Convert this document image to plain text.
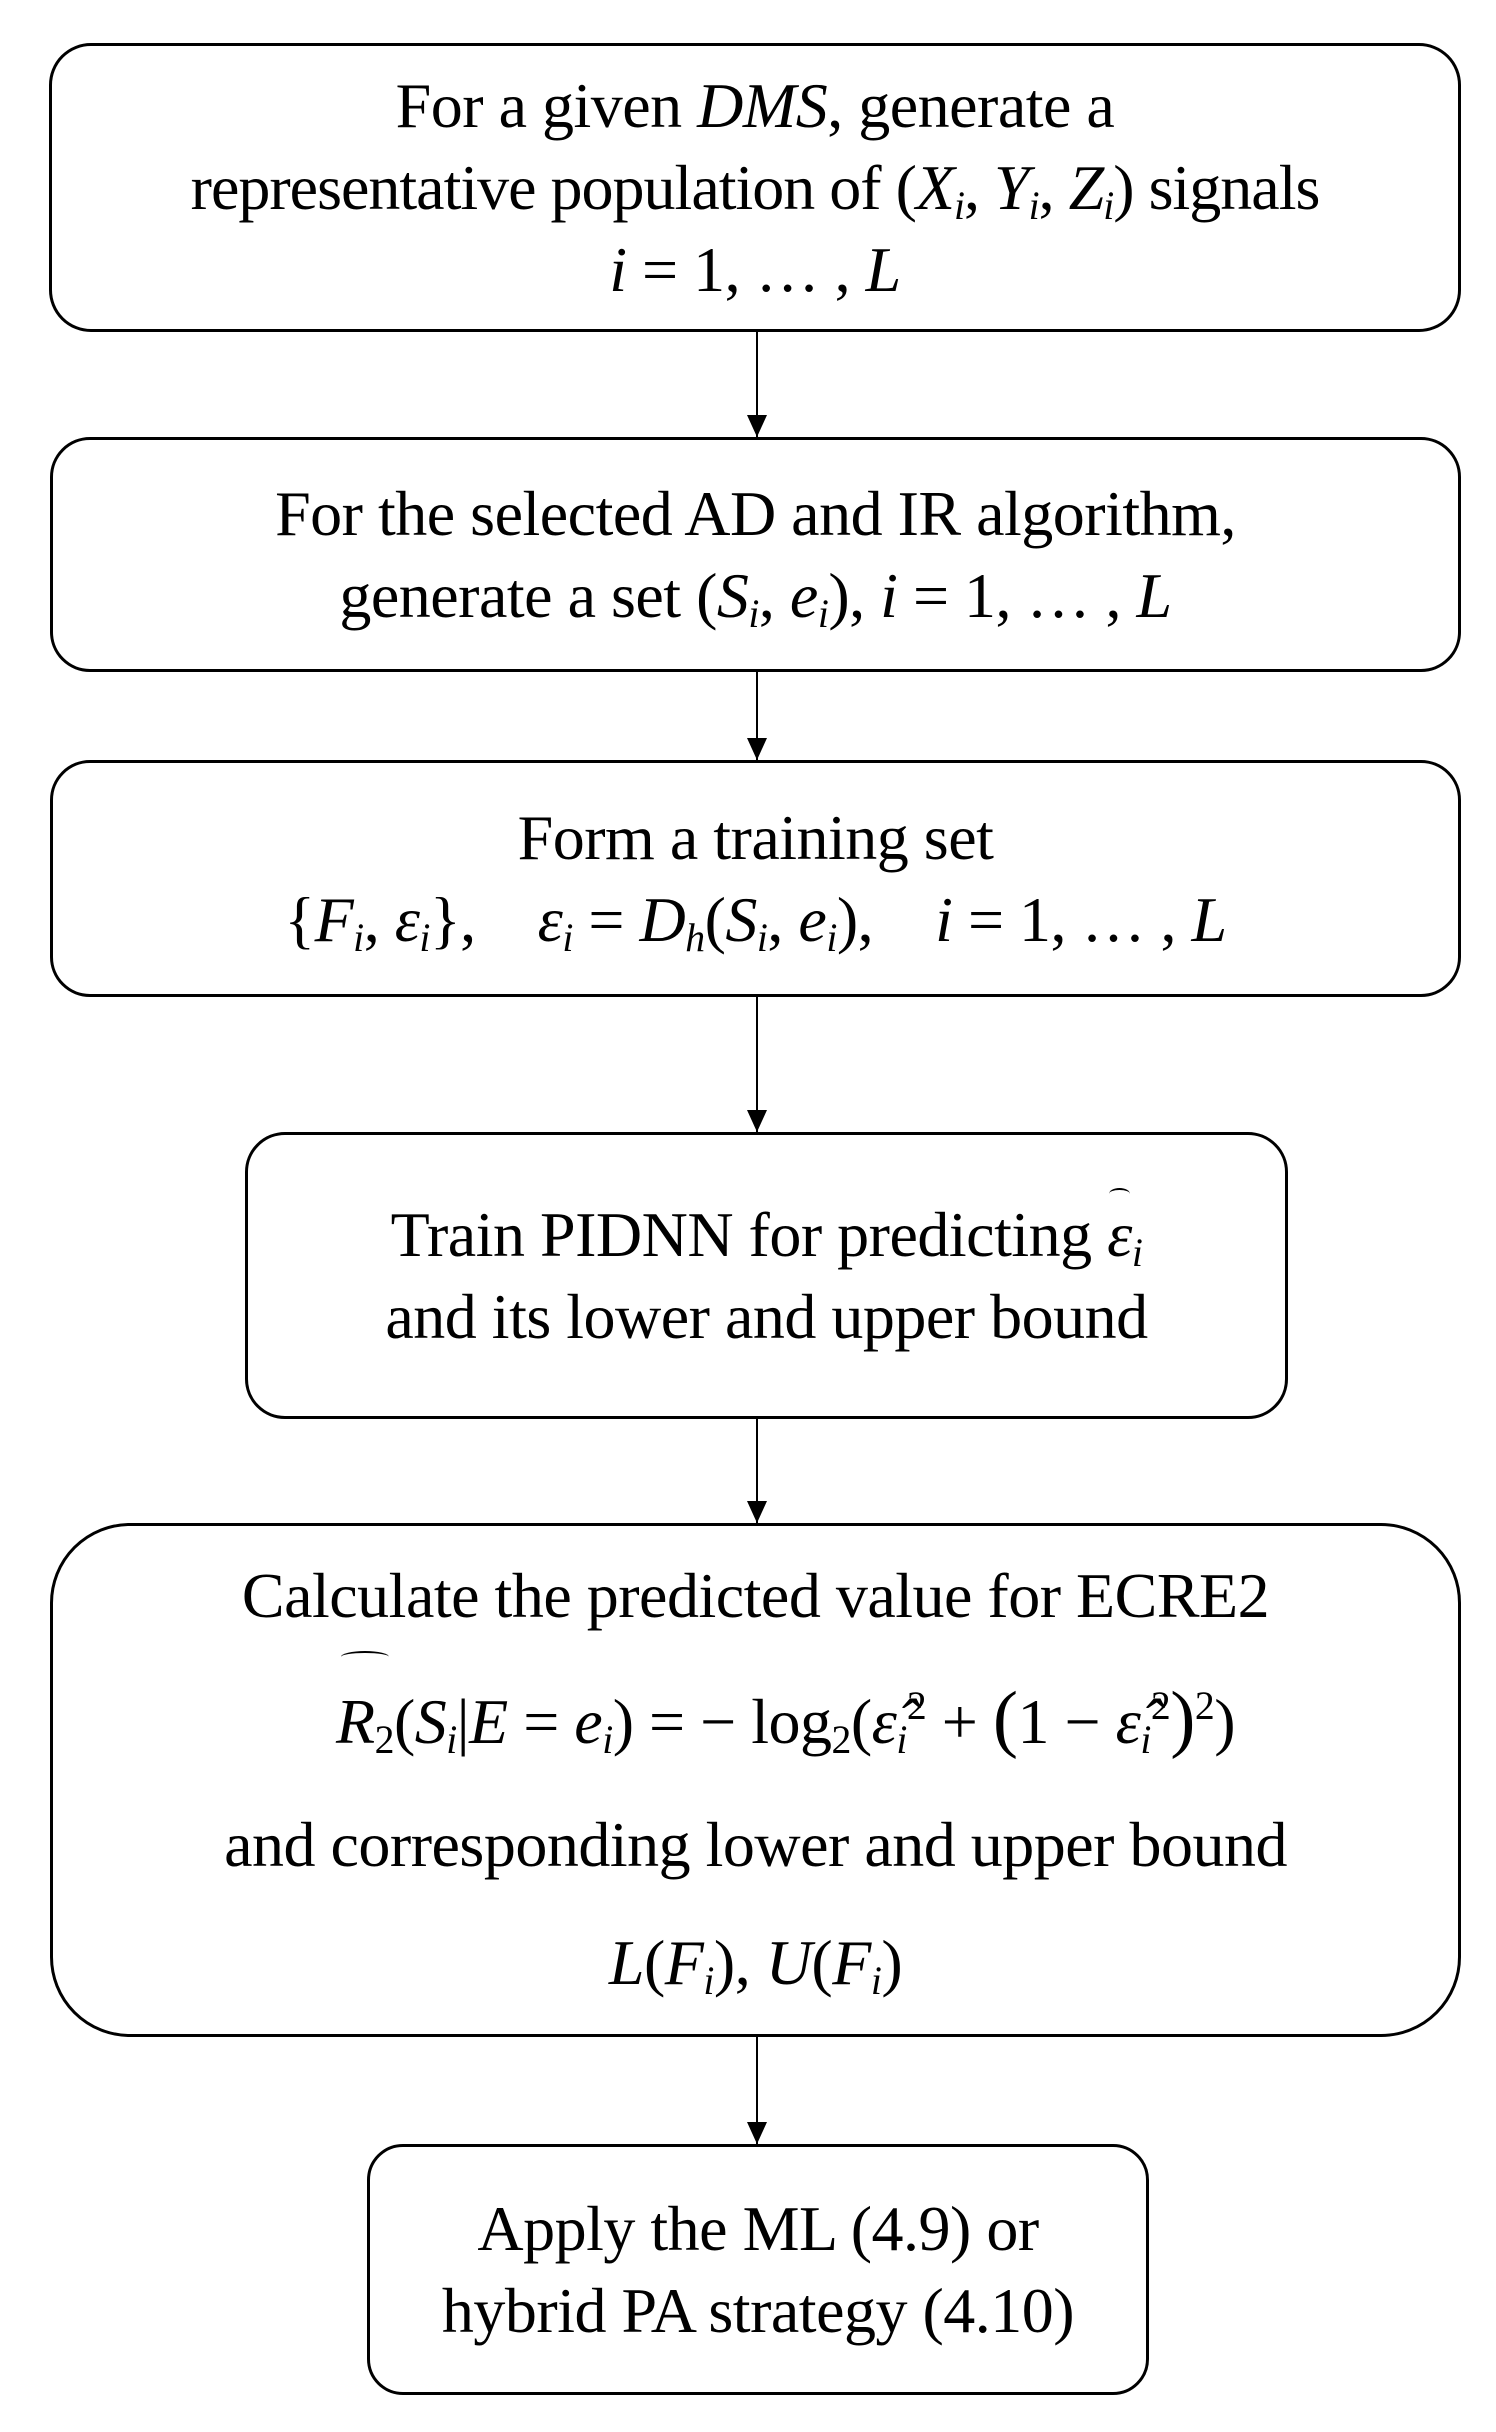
For a given DMS, generate a
representative population of ($X_i$, $Y_i$, $Z_i$) signals
i = 1, … , L
For the selected AD and IR algorithm,
generate a set ($S_i$, $e_i$), i = 1, … , L
Form a training set
{$F_i$, $\varepsilon_i$},    $\varepsilon_i = D_h(S_i$, $e_i$),    i = 1, … , L
Train PIDNN for predicting $\varepsilon_i$
and its lower and upper bound
Calculate the predicted value for ECRE2
$R_2(S_i|E = e_i)$ = − $\log_2(\varepsilon̂_i^2 + (1$ − $\varepsilon̂_i^2)^2$)
and corresponding lower and upper bound
$L(F_i)$, $U(F_i)$
Apply the ML (4.9) or
hybrid PA strategy (4.10)
